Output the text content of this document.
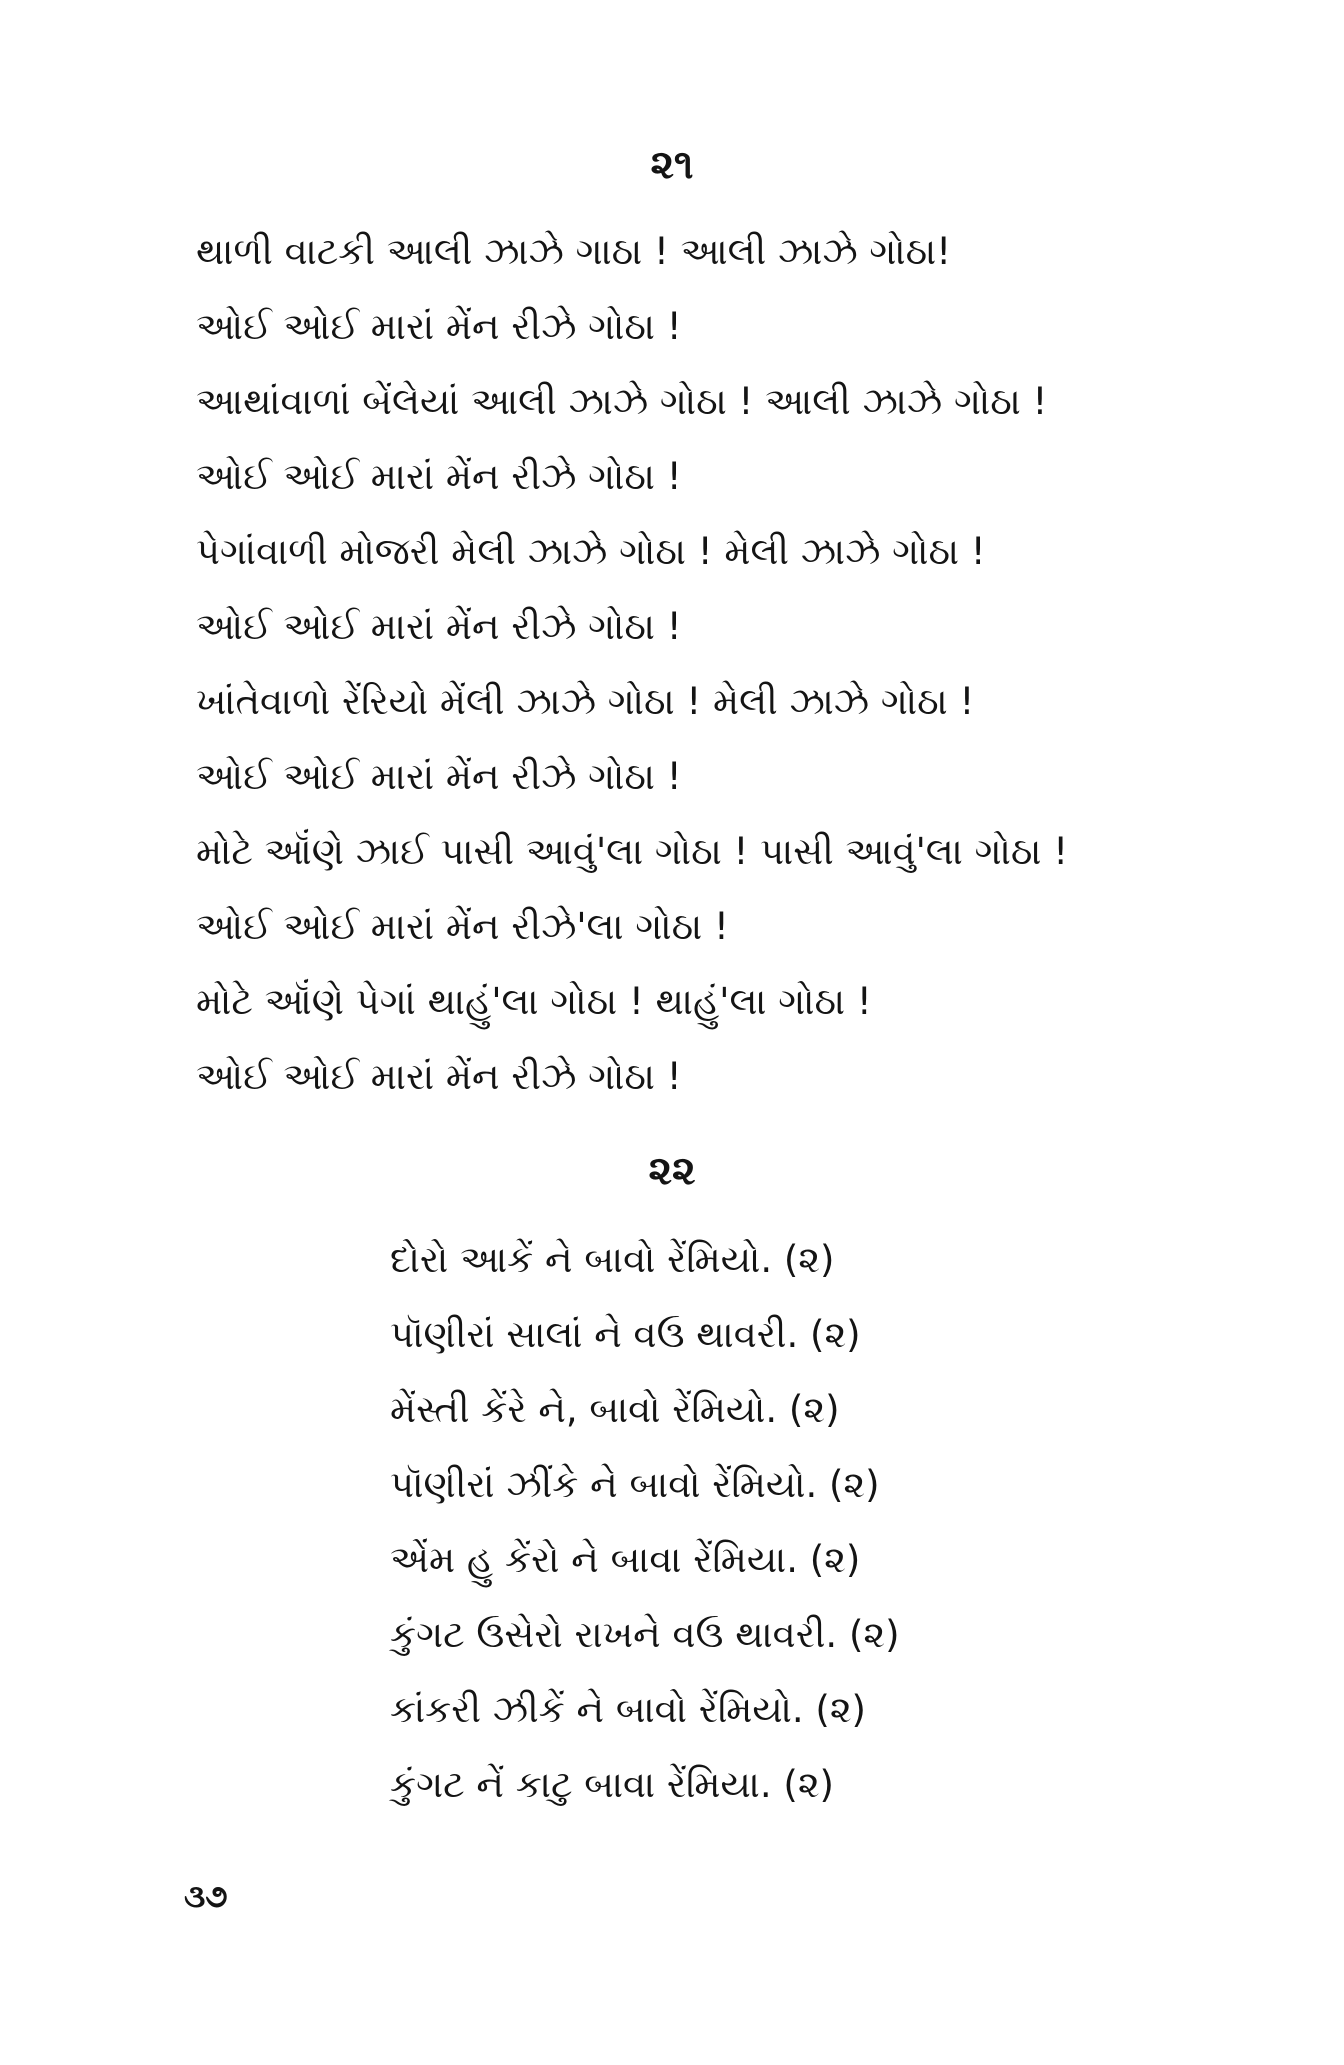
૨૧
થાળી વાટકી આલી ઝાઝે ગાઠા ! આલી ઝાઝે ગોઠા!
ઓઈ ઓઈ મારાં મેંન રીઝે ગોઠા !
આથાંવાળાં બેંલેયાં આલી ઝાઝે ગોઠા ! આલી ઝાઝે ગોઠા !
ઓઈ ઓઈ મારાં મેંન રીઝે ગોઠા !
પેગાંવાળી મોજરી મેલી ઝાઝે ગોઠા ! મેલી ઝાઝે ગોઠા !
ઓઈ ઓઈ મારાં મેંન રીઝે ગોઠા !
ખાંતેવાળો રેંરિયો મેંલી ઝાઝે ગોઠા ! મેલી ઝાઝે ગોઠા !
ઓઈ ઓઈ મારાં મેંન રીઝે ગોઠા !
મોટે ઑંણે ઝાઈ પાસી આવું'લા ગોઠા ! પાસી આવું'લા ગોઠા !
ઓઈ ઓઈ મારાં મેંન રીઝે'લા ગોઠા !
મોટે ઑંણે પેગાં થાહું'લા ગોઠા ! થાહું'લા ગોઠા !
ઓઈ ઓઈ મારાં મેંન રીઝે ગોઠા !
૨૨
દોરો આકેં ને બાવો રેંમિયો. (૨)
પૉણીરાં સાલાં ને વઉ થાવરી. (૨)
મેંસ્તી કેંરે ને, બાવો રેંમિયો. (૨)
પૉણીરાં ઝીંકે ને બાવો રેંમિયો. (૨)
એંમ હુ કેંરો ને બાવા રેંમિયા. (૨)
કુંગટ ઉસેરો રાખને વઉ થાવરી. (૨)
કાંકરી ઝીકેં ને બાવો રેંમિયો. (૨)
કુંગટ નેં કાટુ બાવા રેંમિયા. (૨)
૩૭
